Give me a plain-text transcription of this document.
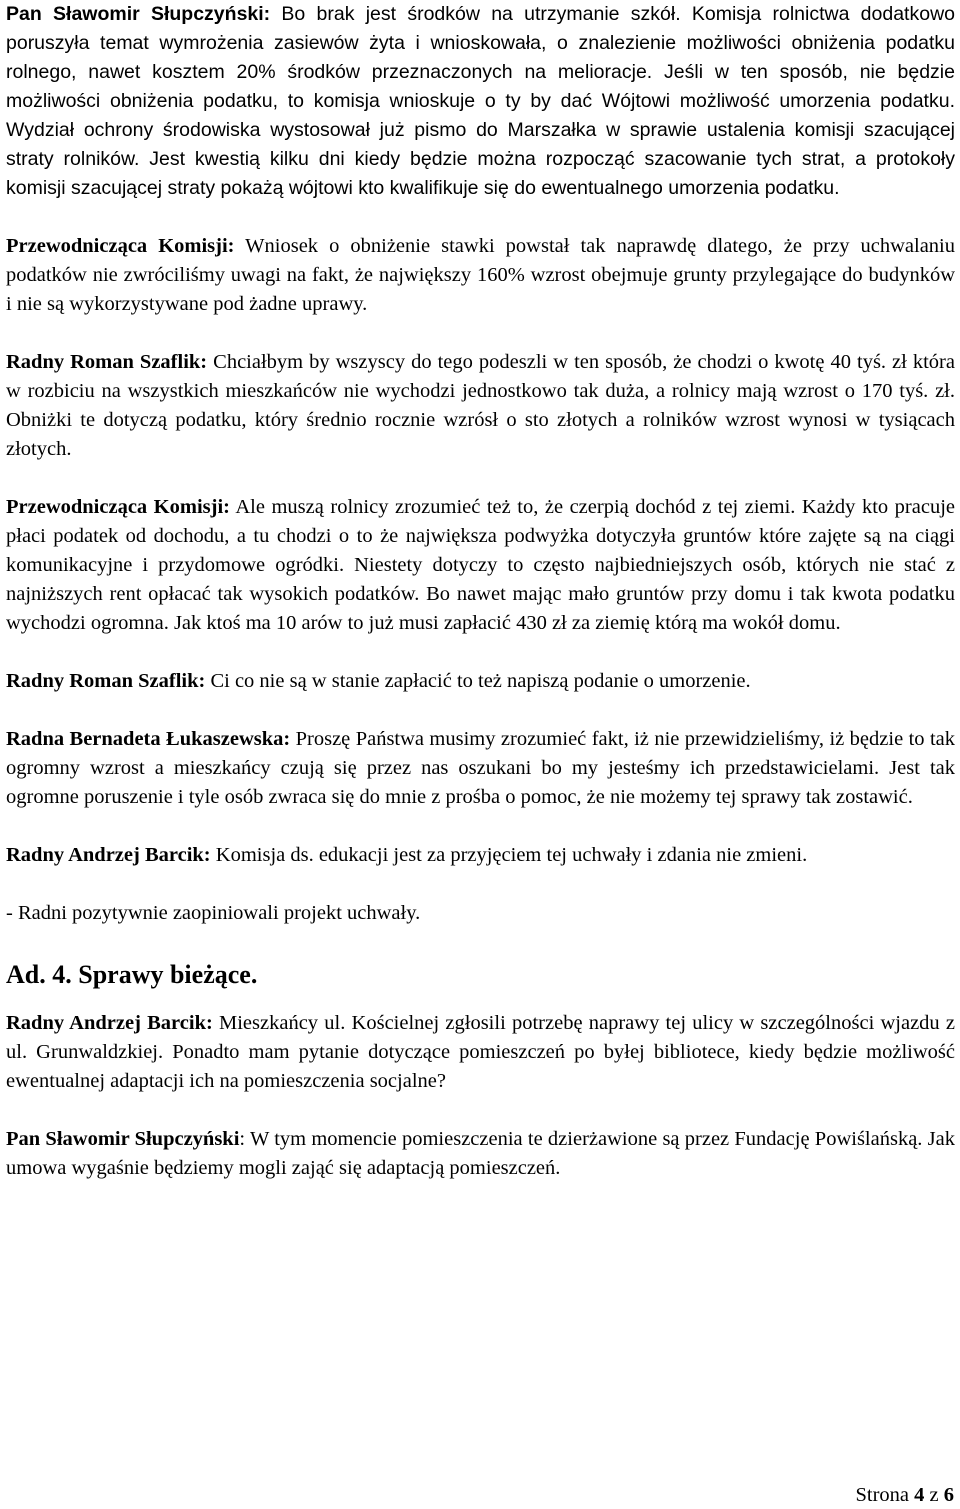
Pan Sławomir Słupczyński: Bo brak jest środków na utrzymanie szkół. Komisja rolnictwa dodatkowo poruszyła temat wymrożenia zasiewów żyta i wnioskowała, o znalezienie możliwości obniżenia podatku rolnego, nawet kosztem 20% środków przeznaczonych na melioracje. Jeśli w ten sposób, nie będzie możliwości obniżenia podatku, to komisja wnioskuje o ty by dać Wójtowi możliwość umorzenia podatku. Wydział ochrony środowiska wystosował już pismo do Marszałka w sprawie ustalenia komisji szacującej straty rolników. Jest kwestią kilku dni kiedy będzie można rozpocząć szacowanie tych strat, a protokoły komisji szacującej straty pokażą wójtowi kto kwalifikuje się do ewentualnego umorzenia podatku.

Przewodnicząca Komisji: Wniosek o obniżenie stawki powstał tak naprawdę dlatego, że przy uchwalaniu podatków nie zwróciliśmy uwagi na fakt, że największy 160% wzrost obejmuje grunty przylegające do budynków i nie są wykorzystywane pod żadne uprawy.

Radny Roman Szaflik: Chciałbym by wszyscy do tego podeszli w ten sposób, że chodzi o kwotę 40 tyś. zł która w rozbiciu na wszystkich mieszkańców nie wychodzi jednostkowo tak duża, a rolnicy mają wzrost o 170 tyś. zł. Obniżki te dotyczą podatku, który średnio rocznie wzrósł o sto złotych a rolników wzrost wynosi w tysiącach złotych.

Przewodnicząca Komisji: Ale muszą rolnicy zrozumieć też to, że czerpią dochód z tej ziemi. Każdy kto pracuje płaci podatek od dochodu, a tu chodzi o to że największa podwyżka dotyczyła gruntów które zajęte są na ciągi komunikacyjne i przydomowe ogródki. Niestety dotyczy to często najbiedniejszych osób, których nie stać z najniższych rent opłacać tak wysokich podatków. Bo nawet mając mało gruntów przy domu i tak kwota podatku wychodzi ogromna. Jak ktoś ma 10 arów to już musi zapłacić 430 zł za ziemię którą ma wokół domu.

Radny Roman Szaflik: Ci co nie są w stanie zapłacić to też napiszą podanie o umorzenie.

Radna Bernadeta Łukaszewska: Proszę Państwa musimy zrozumieć fakt, iż nie przewidzieliśmy, iż będzie to tak ogromny wzrost a mieszkańcy czują się przez nas oszukani bo my jesteśmy ich przedstawicielami. Jest tak ogromne poruszenie i tyle osób zwraca się do mnie z prośba o pomoc, że nie możemy tej sprawy tak zostawić.

Radny Andrzej Barcik: Komisja ds. edukacji jest za przyjęciem tej uchwały i zdania nie zmieni.

- Radni pozytywnie zaopiniowali projekt uchwały.

Ad. 4. Sprawy bieżące.

Radny Andrzej Barcik: Mieszkańcy ul. Kościelnej zgłosili potrzebę naprawy tej ulicy w szczególności wjazdu z ul. Grunwaldzkiej. Ponadto mam pytanie dotyczące pomieszczeń po byłej bibliotece, kiedy będzie możliwość ewentualnej adaptacji ich na pomieszczenia socjalne?

Pan Sławomir Słupczyński: W tym momencie pomieszczenia te dzierżawione są przez Fundację Powiślańską. Jak umowa wygaśnie będziemy mogli zająć się adaptacją pomieszczeń.

Strona 4 z 6
